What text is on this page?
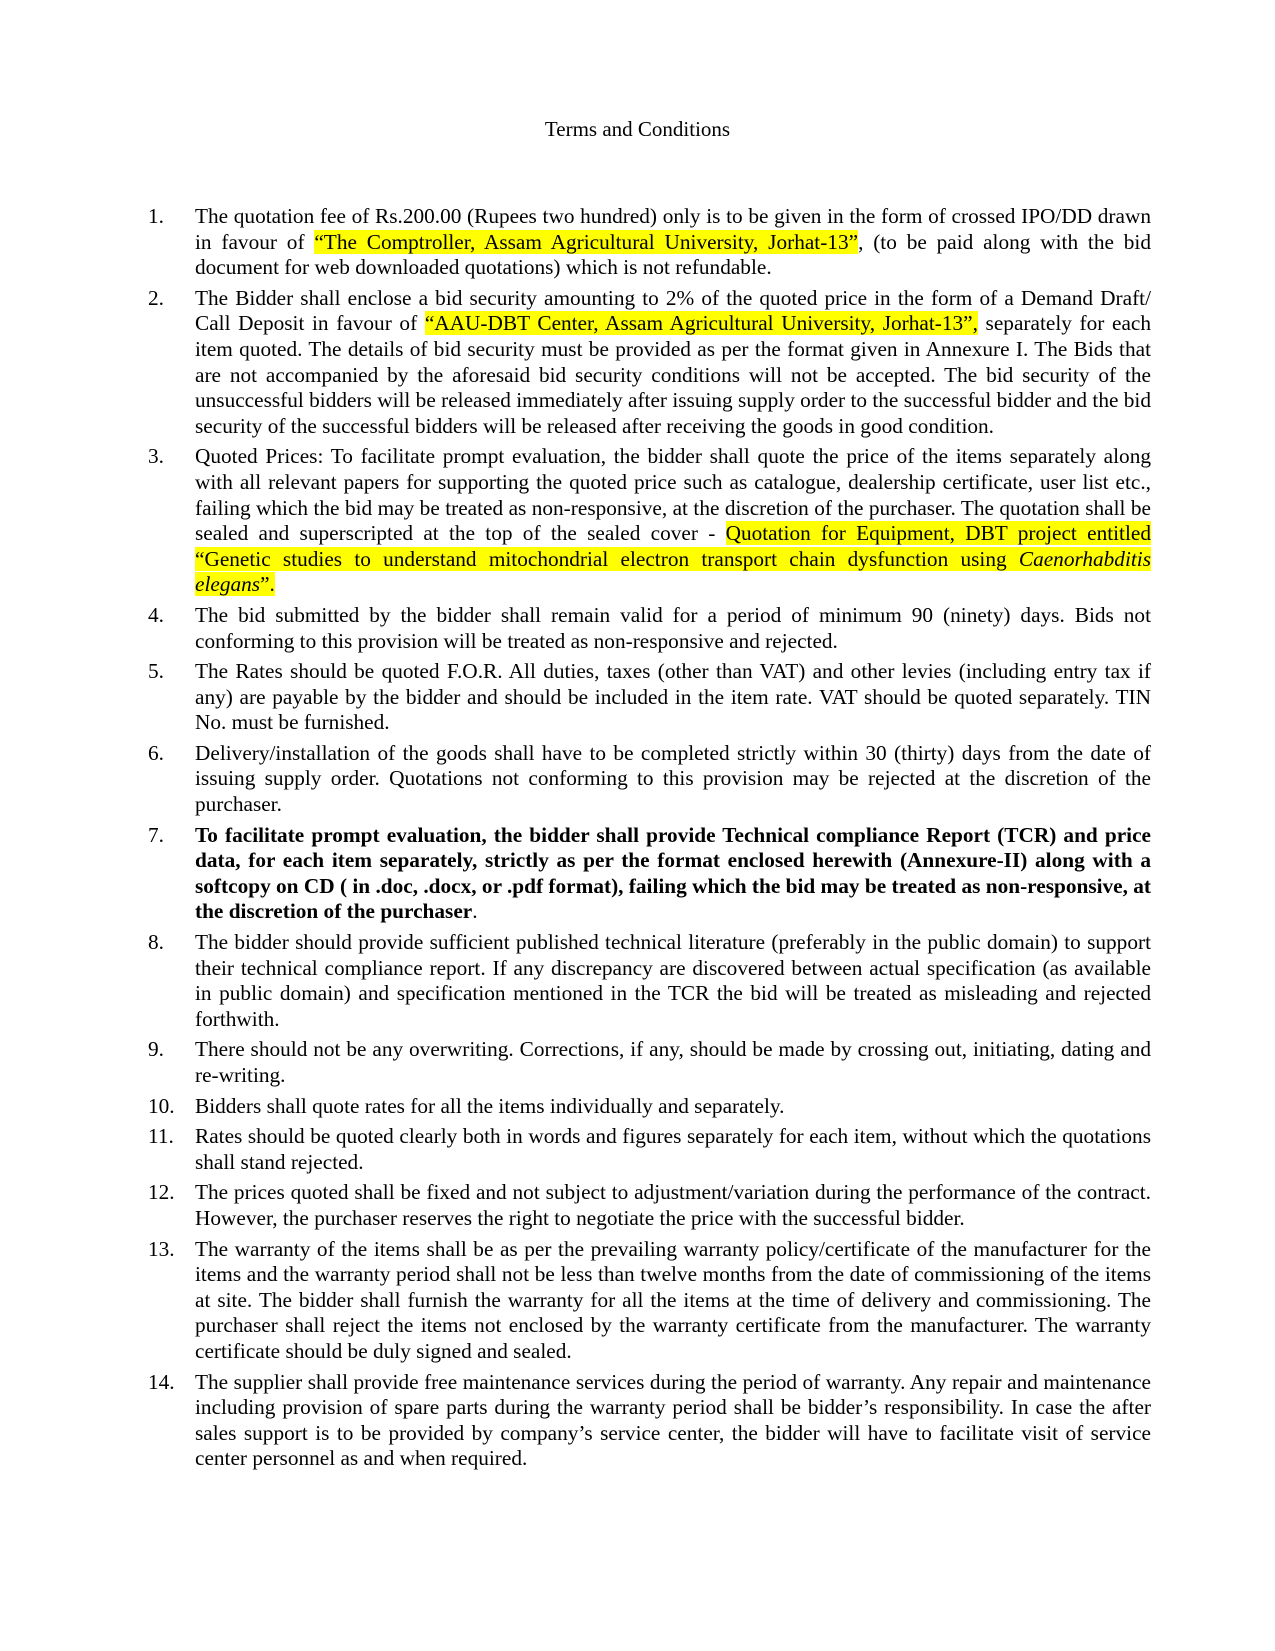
Terms and Conditions
1.	The quotation fee of Rs.200.00 (Rupees two hundred) only is to be given in the form of crossed IPO/DD drawn in favour of “The Comptroller, Assam Agricultural University, Jorhat-13”, (to be paid along with the bid document for web downloaded quotations) which is not refundable.
2.	The Bidder shall enclose a bid security amounting to 2% of the quoted price in the form of a Demand Draft/ Call Deposit in favour of “AAU-DBT Center, Assam Agricultural University, Jorhat-13”, separately for each item quoted. The details of bid security must be provided as per the format given in Annexure I. The Bids that are not accompanied by the aforesaid bid security conditions will not be accepted. The bid security of the unsuccessful bidders will be released immediately after issuing supply order to the successful bidder and the bid security of the successful bidders will be released after receiving the goods in good condition.
3.	Quoted Prices: To facilitate prompt evaluation, the bidder shall quote the price of the items separately along with all relevant papers for supporting the quoted price such as catalogue, dealership certificate, user list etc., failing which the bid may be treated as non-responsive, at the discretion of the purchaser. The quotation shall be sealed and superscripted at the top of the sealed cover - Quotation for Equipment, DBT project entitled “Genetic studies to understand mitochondrial electron transport chain dysfunction using Caenorhabditis elegans”.
4.	The bid submitted by the bidder shall remain valid for a period of minimum 90 (ninety) days. Bids not conforming to this provision will be treated as non-responsive and rejected.
5.	The Rates should be quoted F.O.R. All duties, taxes (other than VAT) and other levies (including entry tax if any) are payable by the bidder and should be included in the item rate. VAT should be quoted separately. TIN No. must be furnished.
6.	Delivery/installation of the goods shall have to be completed strictly within 30 (thirty) days from the date of issuing supply order. Quotations not conforming to this provision may be rejected at the discretion of the purchaser.
7.	To facilitate prompt evaluation, the bidder shall provide Technical compliance Report (TCR) and price data, for each item separately, strictly as per the format enclosed herewith (Annexure-II) along with a softcopy on CD ( in .doc, .docx, or .pdf format), failing which the bid may be treated as non-responsive, at the discretion of the purchaser.
8.	The bidder should provide sufficient published technical literature (preferably in the public domain) to support their technical compliance report. If any discrepancy are discovered between actual specification (as available in public domain) and specification mentioned in the TCR the bid will be treated as misleading and rejected forthwith.
9.	There should not be any overwriting. Corrections, if any, should be made by crossing out, initiating, dating and re-writing.
10. Bidders shall quote rates for all the items individually and separately.
11. Rates should be quoted clearly both in words and figures separately for each item, without which the quotations shall stand rejected.
12. The prices quoted shall be fixed and not subject to adjustment/variation during the performance of the contract. However, the purchaser reserves the right to negotiate the price with the successful bidder.
13. The warranty of the items shall be as per the prevailing warranty policy/certificate of the manufacturer for the items and the warranty period shall not be less than twelve months from the date of commissioning of the items at site. The bidder shall furnish the warranty for all the items at the time of delivery and commissioning. The purchaser shall reject the items not enclosed by the warranty certificate from the manufacturer. The warranty certificate should be duly signed and sealed.
14. The supplier shall provide free maintenance services during the period of warranty. Any repair and maintenance including provision of spare parts during the warranty period shall be bidder’s responsibility. In case the after sales support is to be provided by company’s service center, the bidder will have to facilitate visit of service center personnel as and when required.
